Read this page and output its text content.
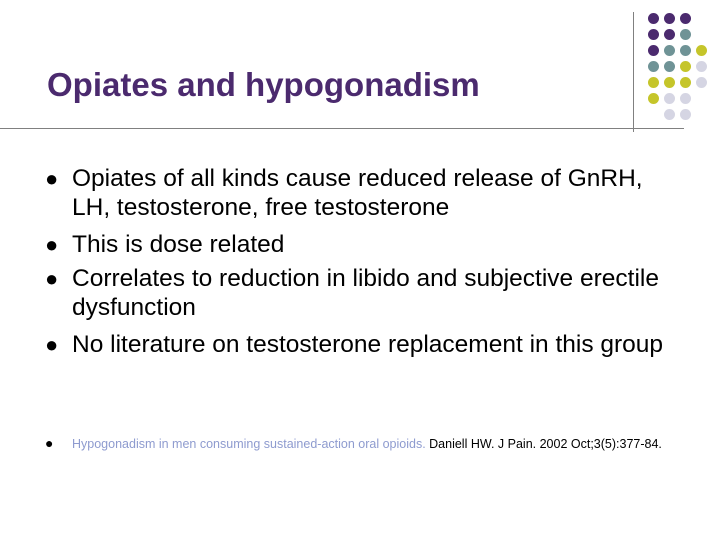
Opiates and hypogonadism
● Opiates of all kinds cause reduced release of GnRH, LH, testosterone, free testosterone
● This is dose related
● Correlates to reduction in libido and subjective erectile dysfunction
● No literature on testosterone replacement in this group
● Hypogonadism in men consuming sustained-action oral opioids. Daniell HW. J Pain. 2002 Oct;3(5):377-84.
